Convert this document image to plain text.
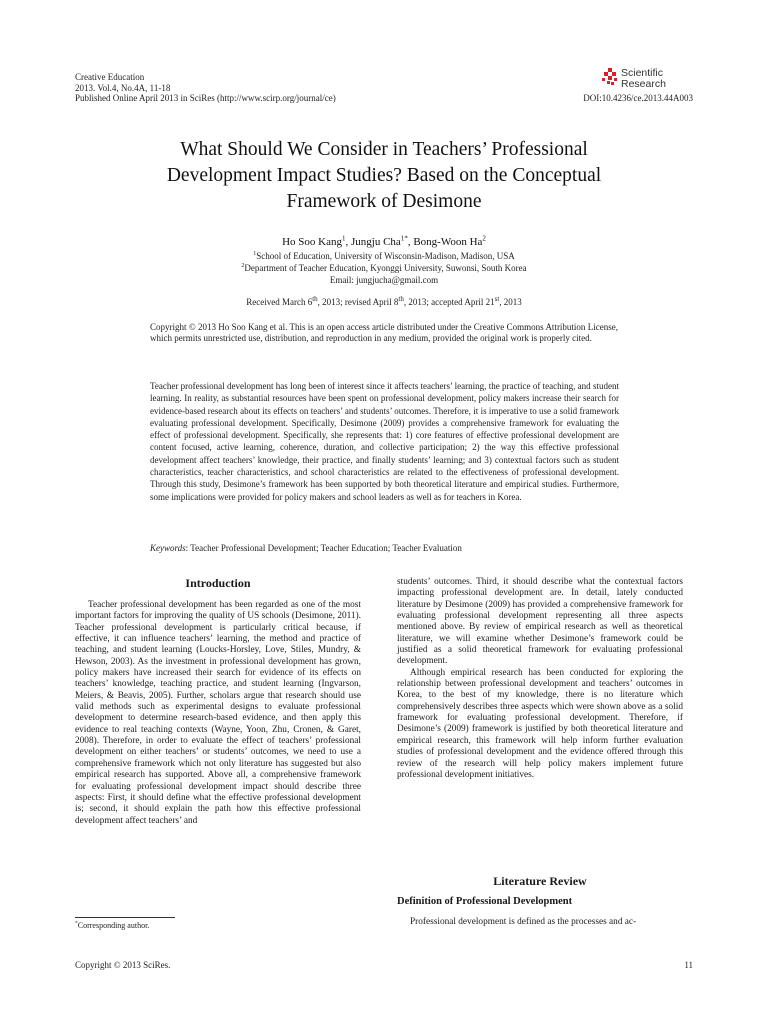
Creative Education
2013. Vol.4, No.4A, 11-18
Published Online April 2013 in SciRes (http://www.scirp.org/journal/ce)
Scientific
Research
DOI:10.4236/ce.2013.44A003
What Should We Consider in Teachers’ Professional
Development Impact Studies? Based on the Conceptual
Framework of Desimone
Ho Soo Kang$^1$, Jungju Cha$^{1*}$, Bong-Woon Ha$^2$
$^1$School of Education, University of Wisconsin-Madison, Madison, USA
$^2$Department of Teacher Education, Kyonggi University, Suwonsi, South Korea
Email: jungjucha@gmail.com
Received March 6th, 2013; revised April 8th, 2013; accepted April 21st, 2013
Copyright © 2013 Ho Soo Kang et al. This is an open access article distributed under the Creative Commons Attribution License, which permits unrestricted use, distribution, and reproduction in any medium, provided the original work is properly cited.
Teacher professional development has long been of interest since it affects teachers’ learning, the practice of teaching, and student learning. In reality, as substantial resources have been spent on professional development, policy makers increase their search for evidence-based research about its effects on teachers’ and students’ outcomes. Therefore, it is imperative to use a solid framework evaluating professional development. Specifically, Desimone (2009) provides a comprehensive framework for evaluating the effect of professional development. Specifically, she represents that: 1) core features of effective professional development are content focused, active learning, coherence, duration, and collective participation; 2) the way this effective professional development affect teachers’ knowledge, their practice, and finally students’ learning; and 3) contextual factors such as student characteristics, teacher characteristics, and school characteristics are related to the effectiveness of professional development. Through this study, Desimone’s framework has been supported by both theoretical literature and empirical studies. Furthermore, some implications were provided for policy makers and school leaders as well as for teachers in Korea.
Keywords: Teacher Professional Development; Teacher Education; Teacher Evaluation
Introduction

Teacher professional development has been regarded as one of the most important factors for improving the quality of US schools (Desimone, 2011). Teacher professional development is particularly critical because, if effective, it can influence teachers’ learning, the method and practice of teaching, and student learning (Loucks-Horsley, Love, Stiles, Mundry, & Hewson, 2003). As the investment in professional development has grown, policy makers have increased their search for evidence of its effects on teachers’ knowledge, teaching practice, and student learning (Ingvarson, Meiers, & Beavis, 2005). Further, scholars argue that research should use valid methods such as experimental designs to evaluate professional development to determine research-based evidence, and then apply this evidence to real teaching contexts (Wayne, Yoon, Zhu, Cronen, & Garet, 2008). Therefore, in order to evaluate the effect of teachers’ professional development on either teachers’ or students’ outcomes, we need to use a comprehensive framework which not only literature has suggested but also empirical research has supported. Above all, a comprehensive framework for evaluating professional development impact should describe three aspects: First, it should define what the effective professional development is; second, it should explain the path how this effective professional development affect teachers’ and

students’ outcomes. Third, it should describe what the contextual factors impacting professional development are. In detail, lately conducted literature by Desimone (2009) has provided a comprehensive framework for evaluating professional development representing all three aspects mentioned above. By review of empirical research as well as theoretical literature, we will examine whether Desimone’s framework could be justified as a solid theoretical framework for evaluating professional development.

Although empirical research has been conducted for exploring the relationship between professional development and teachers’ outcomes in Korea, to the best of my knowledge, there is no literature which comprehensively describes three aspects which were shown above as a solid framework for evaluating professional development. Therefore, if Desimone’s (2009) framework is justified by both theoretical literature and empirical research, this framework will help inform further evaluation studies of professional development and the evidence offered through this review of the research will help policy makers implement future professional development initiatives.

Literature Review
Definition of Professional Development
Professional development is defined as the processes and ac-
*Corresponding author.
Copyright © 2013 SciRes.	11
